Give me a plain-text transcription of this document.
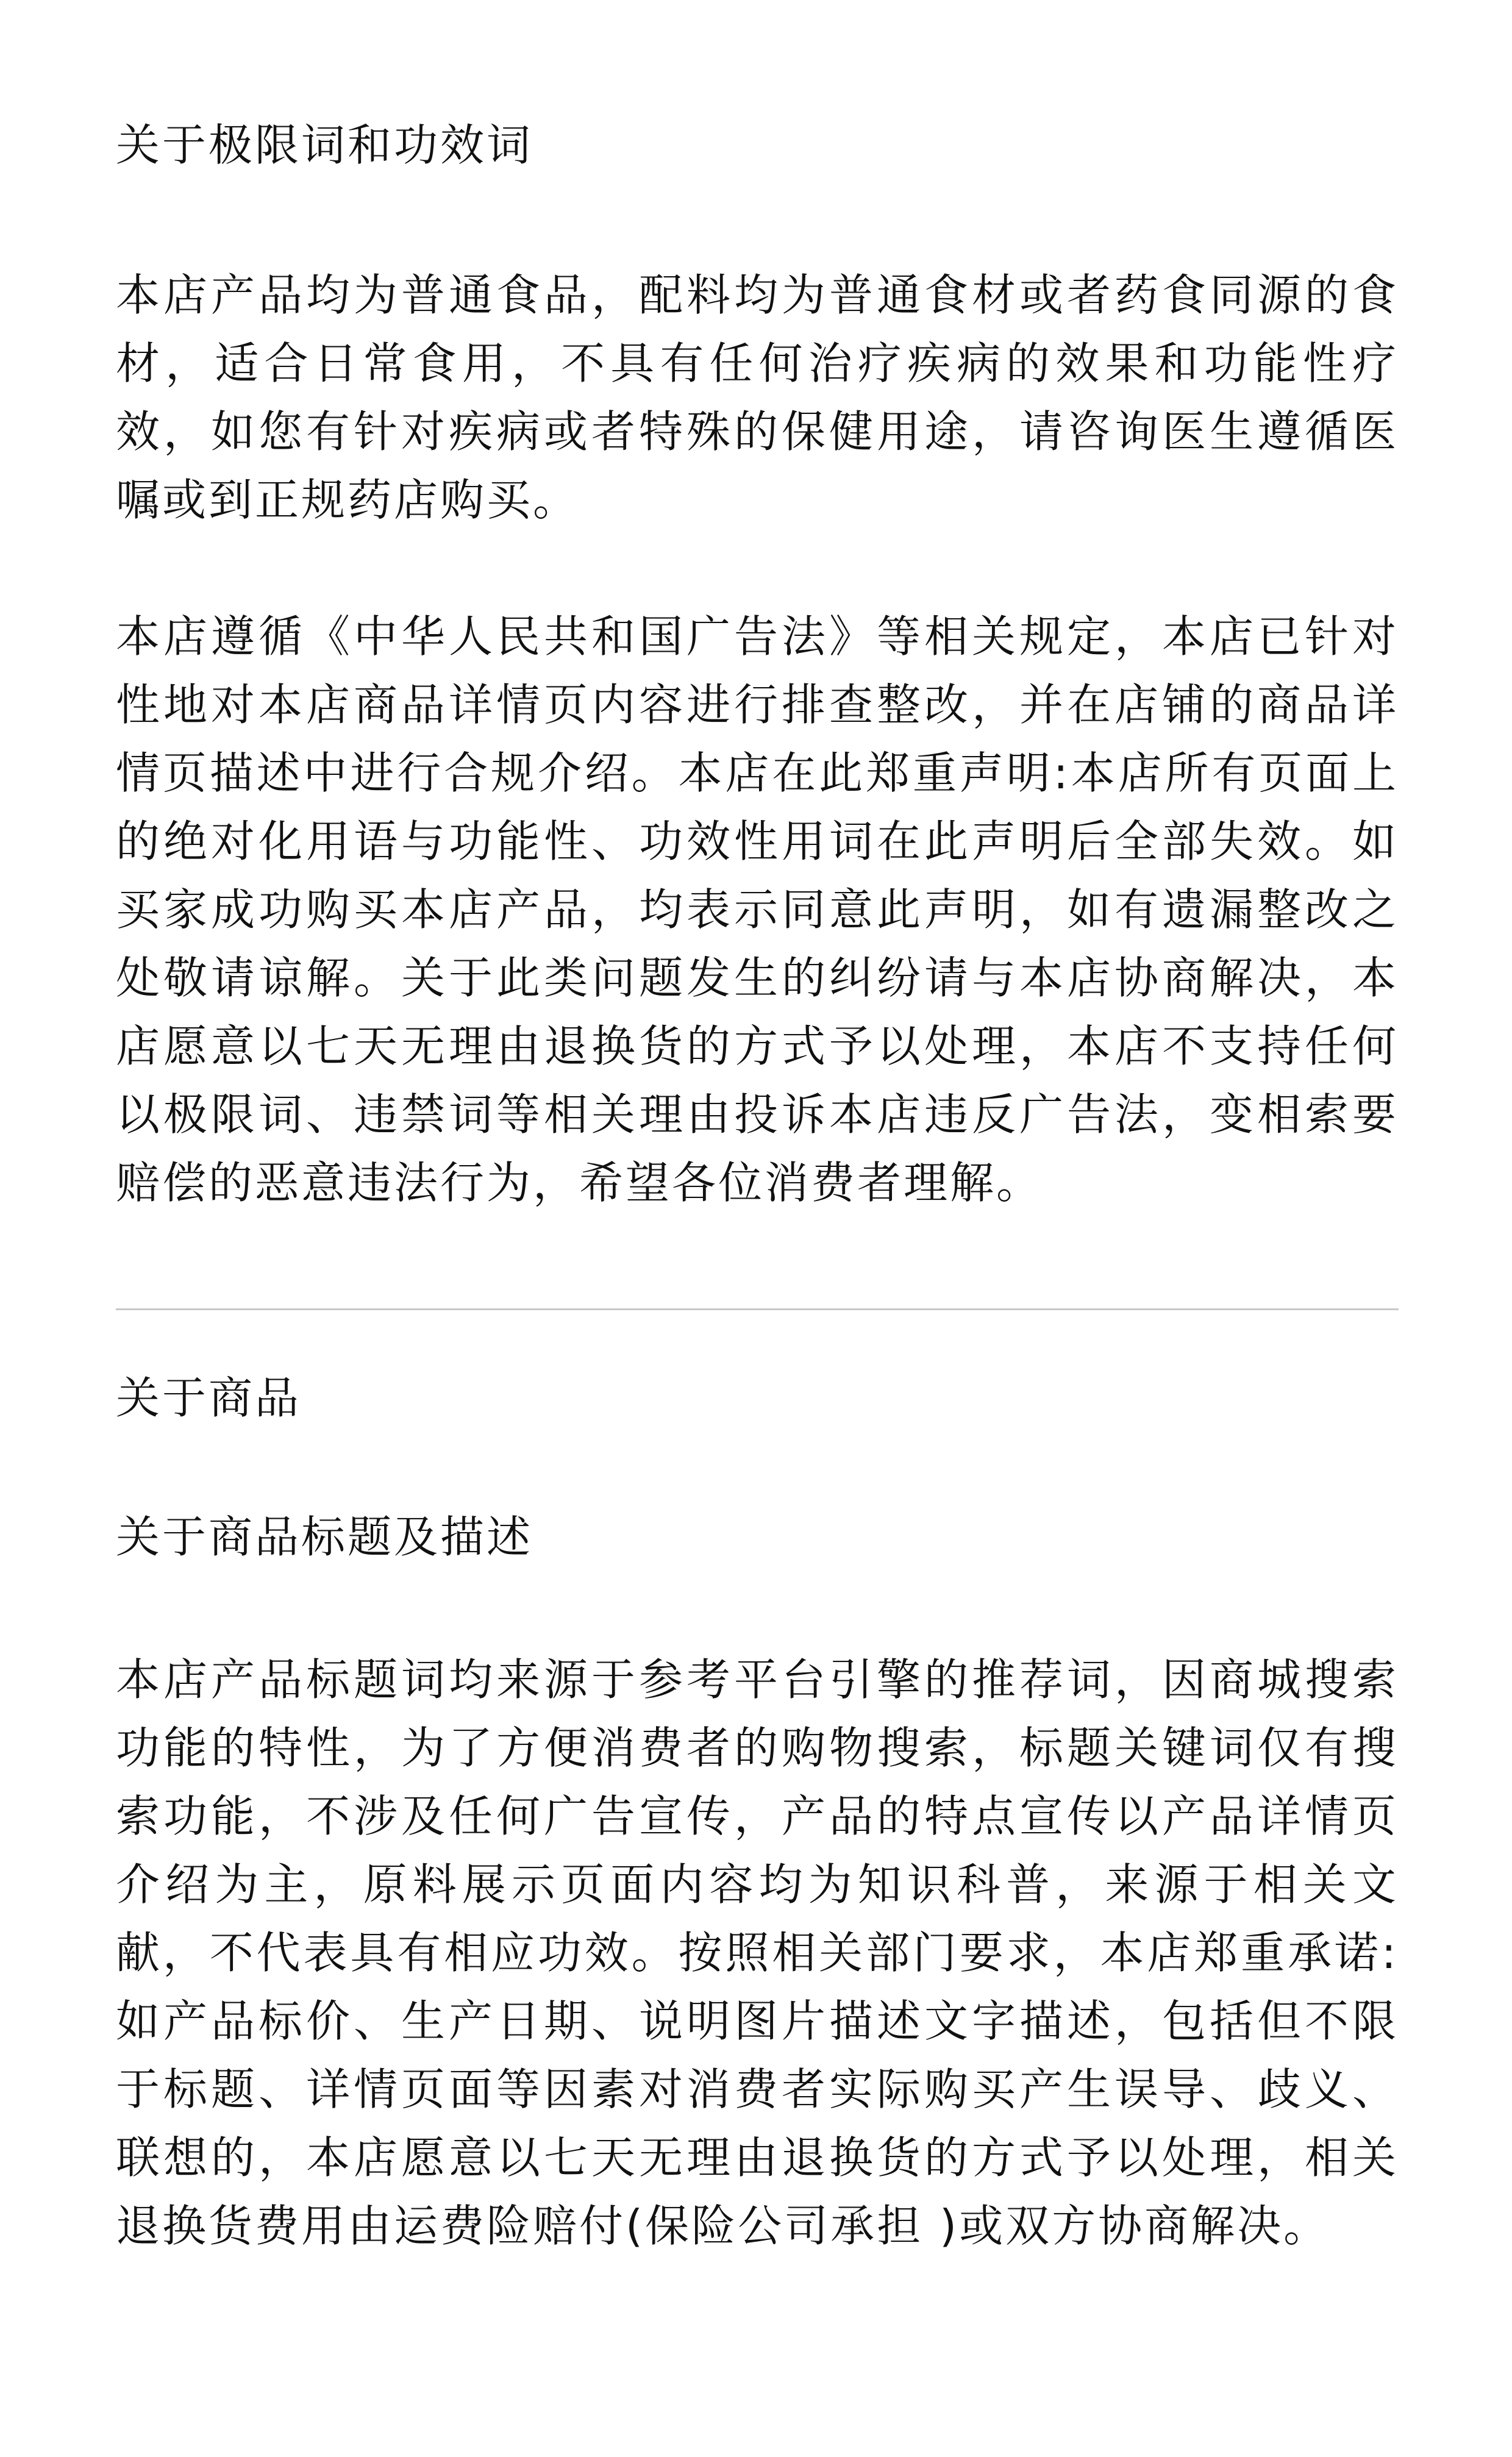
关于极限词和功效词

本店产品均为普通食品，配料均为普通食材或者药食同源的食材，适合日常食用，不具有任何治疗疾病的效果和功能性疗效，如您有针对疾病或者特殊的保健用途，请咨询医生遵循医嘱或到正规药店购买。

本店遵循《中华人民共和国广告法》等相关规定，本店已针对性地对本店商品详情页内容进行排查整改，并在店铺的商品详情页描述中进行合规介绍。本店在此郑重声明:本店所有页面上的绝对化用语与功能性、功效性用词在此声明后全部失效。如买家成功购买本店产品，均表示同意此声明，如有遗漏整改之处敬请谅解。关于此类问题发生的纠纷请与本店协商解决，本店愿意以七天无理由退换货的方式予以处理，本店不支持任何以极限词、违禁词等相关理由投诉本店违反广告法，变相索要赔偿的恶意违法行为，希望各位消费者理解。

关于商品
关于商品标题及描述

本店产品标题词均来源于参考平台引擎的推荐词，因商城搜索功能的特性，为了方便消费者的购物搜索，标题关键词仅有搜索功能，不涉及任何广告宣传，产品的特点宣传以产品详情页介绍为主，原料展示页面内容均为知识科普，来源于相关文献，不代表具有相应功效。按照相关部门要求，本店郑重承诺:如产品标价、生产日期、说明图片描述文字描述，包括但不限于标题、详情页面等因素对消费者实际购买产生误导、歧义、联想的，本店愿意以七天无理由退换货的方式予以处理，相关退换货费用由运费险赔付(保险公司承担 )或双方协商解决。
